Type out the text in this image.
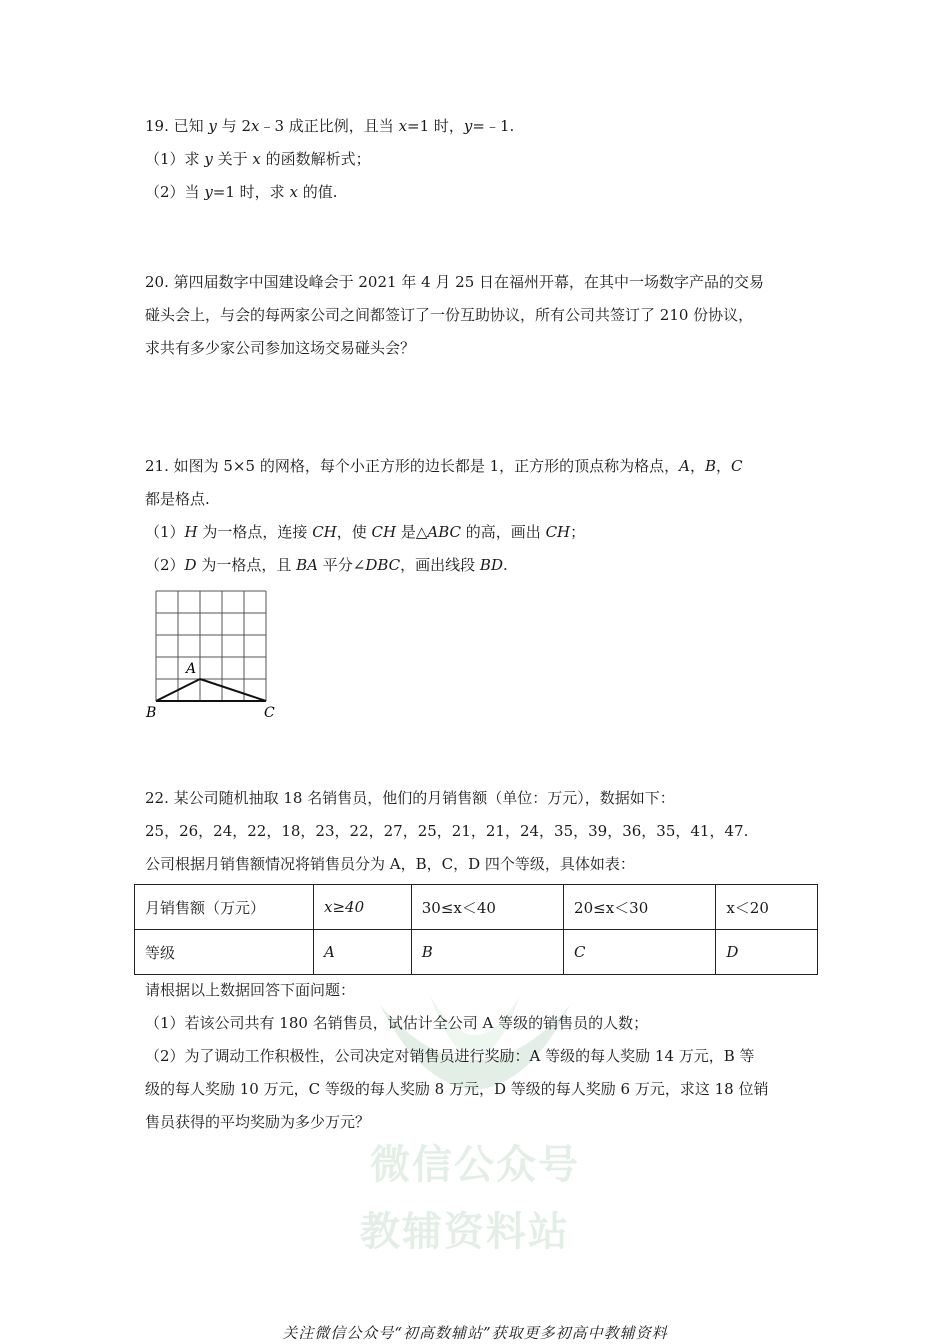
微信公众号
教辅资料站
19. 已知 y 与 2x﹣3 成正比例，且当 x=1 时，y=﹣1.
（1）求 y 关于 x 的函数解析式；
（2）当 y=1 时，求 x 的值.
20. 第四届数字中国建设峰会于 2021 年 4 月 25 日在福州开幕，在其中一场数字产品的交易
碰头会上，与会的每两家公司之间都签订了一份互助协议，所有公司共签订了 210 份协议，
求共有多少家公司参加这场交易碰头会？
21. 如图为 5×5 的网格，每个小正方形的边长都是 1，正方形的顶点称为格点，A，B，C
都是格点.
（1）H 为一格点，连接 CH，使 CH 是△ABC 的高，画出 CH；
（2）D 为一格点，且 BA 平分∠DBC，画出线段 BD.
A
B	C
22. 某公司随机抽取 18 名销售员，他们的月销售额（单位：万元），数据如下：
25，26，24，22，18，23，22，27，25，21，21，24，35，39，36，35，41，47.
公司根据月销售额情况将销售员分为 A，B，C，D 四个等级，具体如表：
月销售额（万元）	x≥40	30≤x＜40	20≤x＜30	x＜20
等级	A	B	C	D
请根据以上数据回答下面问题：
（1）若该公司共有 180 名销售员，试估计全公司 A 等级的销售员的人数；
（2）为了调动工作积极性，公司决定对销售员进行奖励：A 等级的每人奖励 14 万元，B 等
级的每人奖励 10 万元，C 等级的每人奖励 8 万元，D 等级的每人奖励 6 万元，求这 18 位销
售员获得的平均奖励为多少万元？
关注微信公众号“初高数辅站”获取更多初高中教辅资料
